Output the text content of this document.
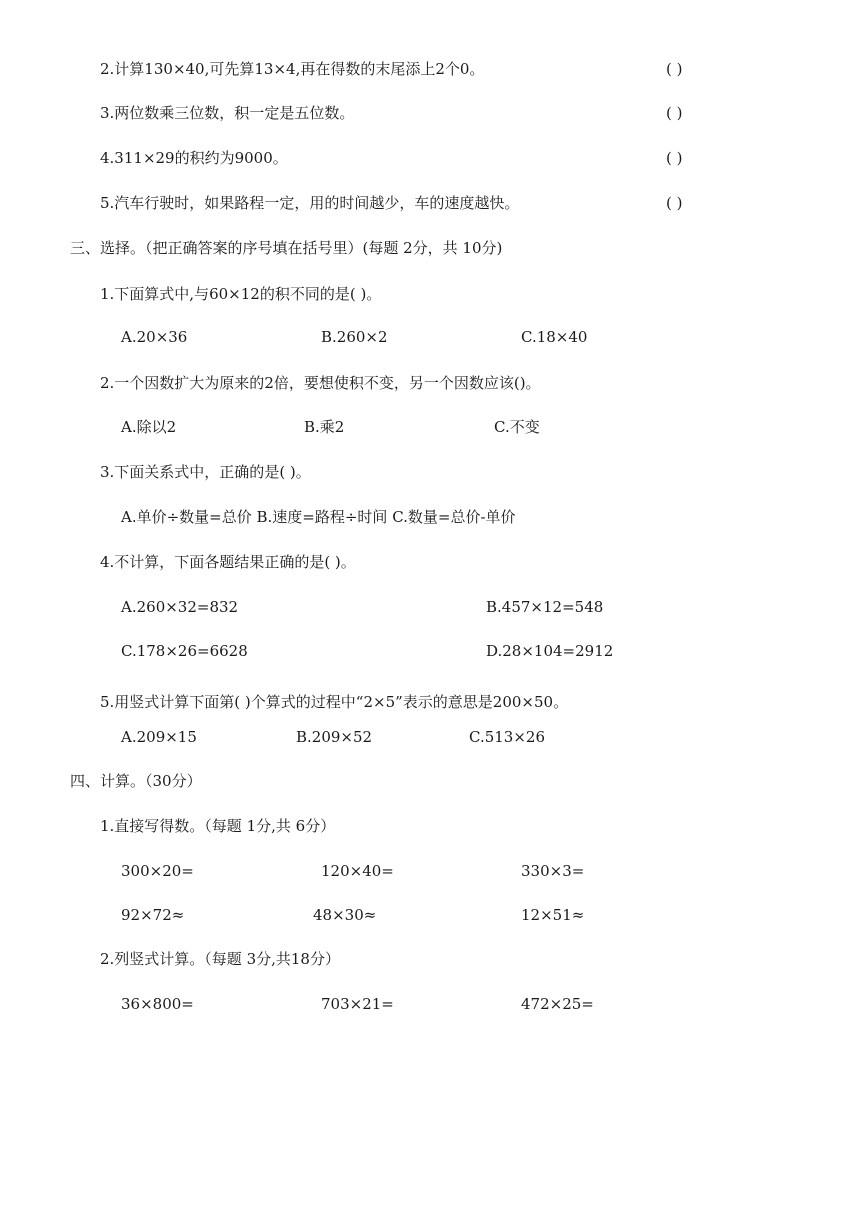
2.计算130×40,可先算13×4,再在得数的末尾添上2个0。	( )
3.两位数乘三位数，积一定是五位数。	( )
4.311×29的积约为9000。	( )
5.汽车行驶时，如果路程一定，用的时间越少，车的速度越快。	( )
三、选择。（把正确答案的序号填在括号里）(每题 2分，共 10分)
1.下面算式中,与60×12的积不同的是( )。
A.20×36	B.260×2	C.18×40
2.一个因数扩大为原来的2倍，要想使积不变，另一个因数应该()。
A.除以2	B.乘2	C.不变
3.下面关系式中，正确的是( )。
A.单价÷数量=总价 B.速度=路程÷时间 C.数量=总价-单价
4.不计算，下面各题结果正确的是( )。
A.260×32=832	B.457×12=548
C.178×26=6628	D.28×104=2912
5.用竖式计算下面第( )个算式的过程中“2×5”表示的意思是200×50。
A.209×15	B.209×52	C.513×26
四、计算。（30分）
1.直接写得数。（每题 1分,共 6分）
300×20=	120×40=	330×3=
92×72≈	48×30≈	12×51≈
2.列竖式计算。（每题 3分,共18分）
36×800=	703×21=	472×25=
